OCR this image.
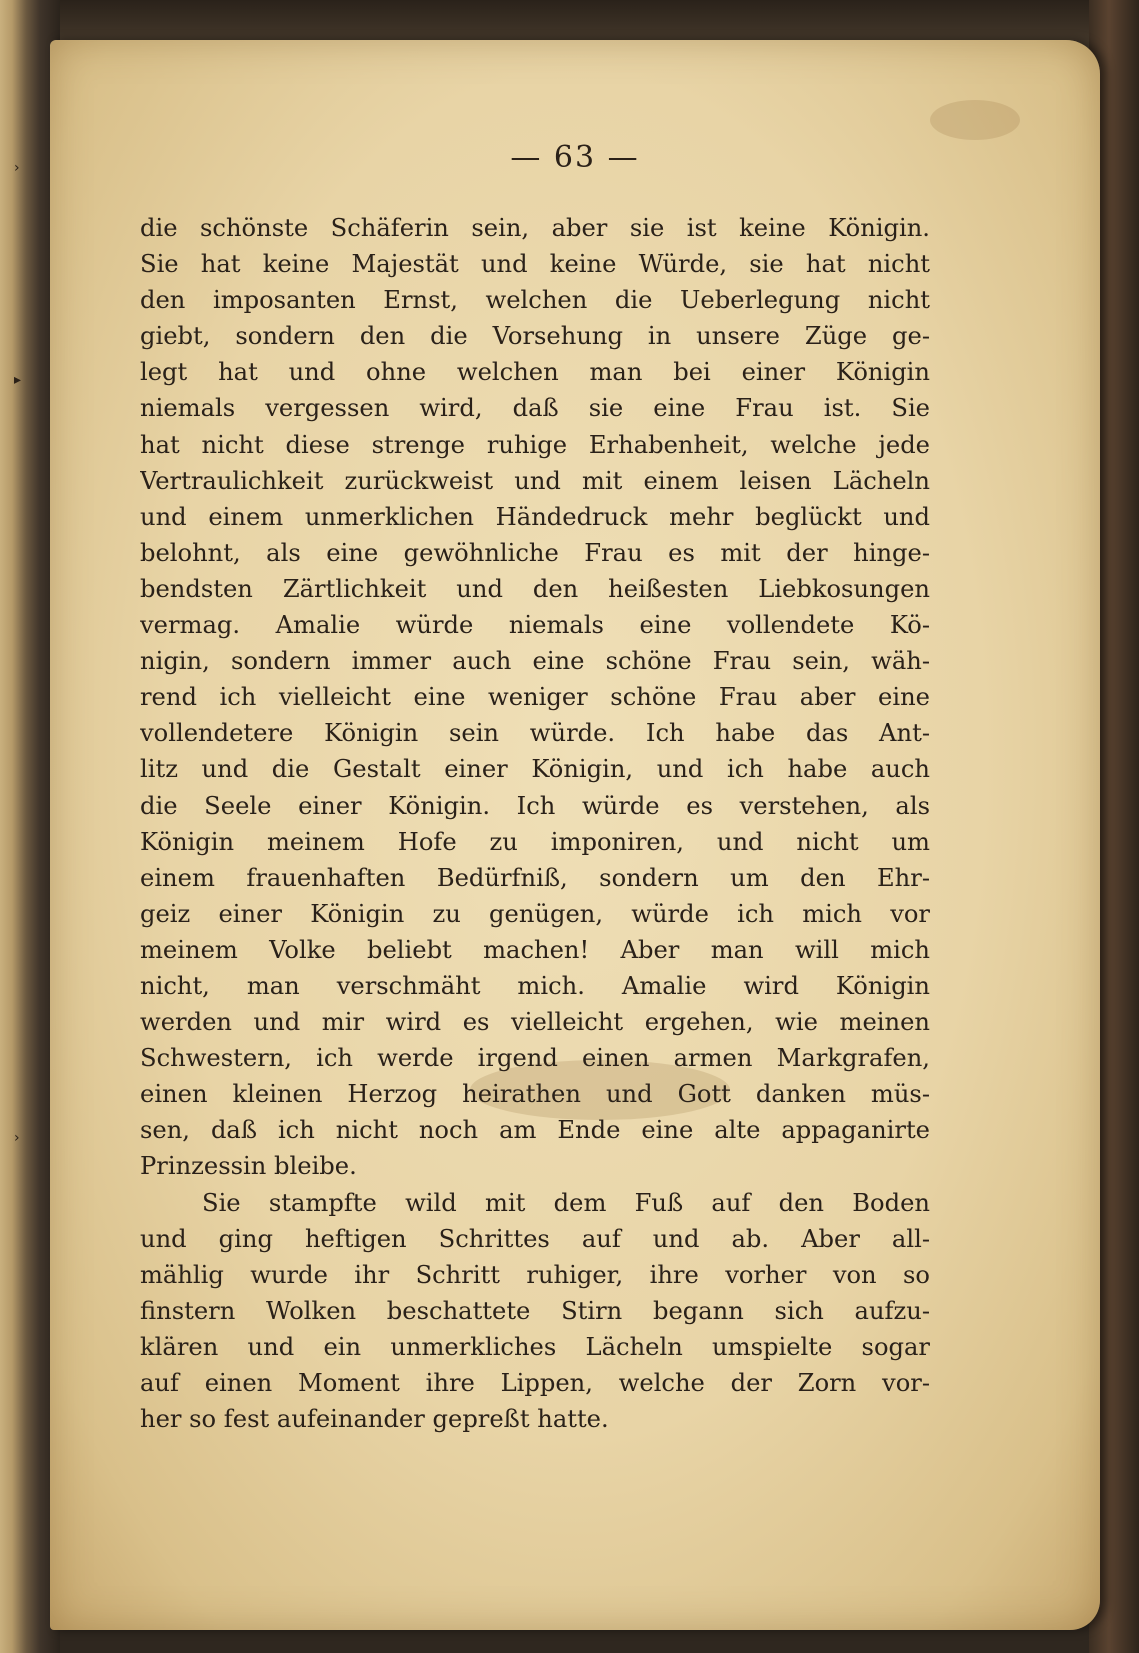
›
▸
›
— 63 —
die schönste Schäferin sein, aber sie ist keine Königin.
Sie hat keine Majestät und keine Würde, sie hat nicht
den imposanten Ernst, welchen die Ueberlegung nicht
giebt, sondern den die Vorsehung in unsere Züge ge-
legt hat und ohne welchen man bei einer Königin
niemals vergessen wird, daß sie eine Frau ist. Sie
hat nicht diese strenge ruhige Erhabenheit, welche jede
Vertraulichkeit zurückweist und mit einem leisen Lächeln
und einem unmerklichen Händedruck mehr beglückt und
belohnt, als eine gewöhnliche Frau es mit der hinge-
bendsten Zärtlichkeit und den heißesten Liebkosungen
vermag. Amalie würde niemals eine vollendete Kö-
nigin, sondern immer auch eine schöne Frau sein, wäh-
rend ich vielleicht eine weniger schöne Frau aber eine
vollendetere Königin sein würde. Ich habe das Ant-
litz und die Gestalt einer Königin, und ich habe auch
die Seele einer Königin. Ich würde es verstehen, als
Königin meinem Hofe zu imponiren, und nicht um
einem frauenhaften Bedürfniß, sondern um den Ehr-
geiz einer Königin zu genügen, würde ich mich vor
meinem Volke beliebt machen! Aber man will mich
nicht, man verschmäht mich. Amalie wird Königin
werden und mir wird es vielleicht ergehen, wie meinen
Schwestern, ich werde irgend einen armen Markgrafen,
einen kleinen Herzog heirathen und Gott danken müs-
sen, daß ich nicht noch am Ende eine alte appaganirte
Prinzessin bleibe.
Sie stampfte wild mit dem Fuß auf den Boden
und ging heftigen Schrittes auf und ab. Aber all-
mählig wurde ihr Schritt ruhiger, ihre vorher von so
finstern Wolken beschattete Stirn begann sich aufzu-
klären und ein unmerkliches Lächeln umspielte sogar
auf einen Moment ihre Lippen, welche der Zorn vor-
her so fest aufeinander gepreßt hatte.
